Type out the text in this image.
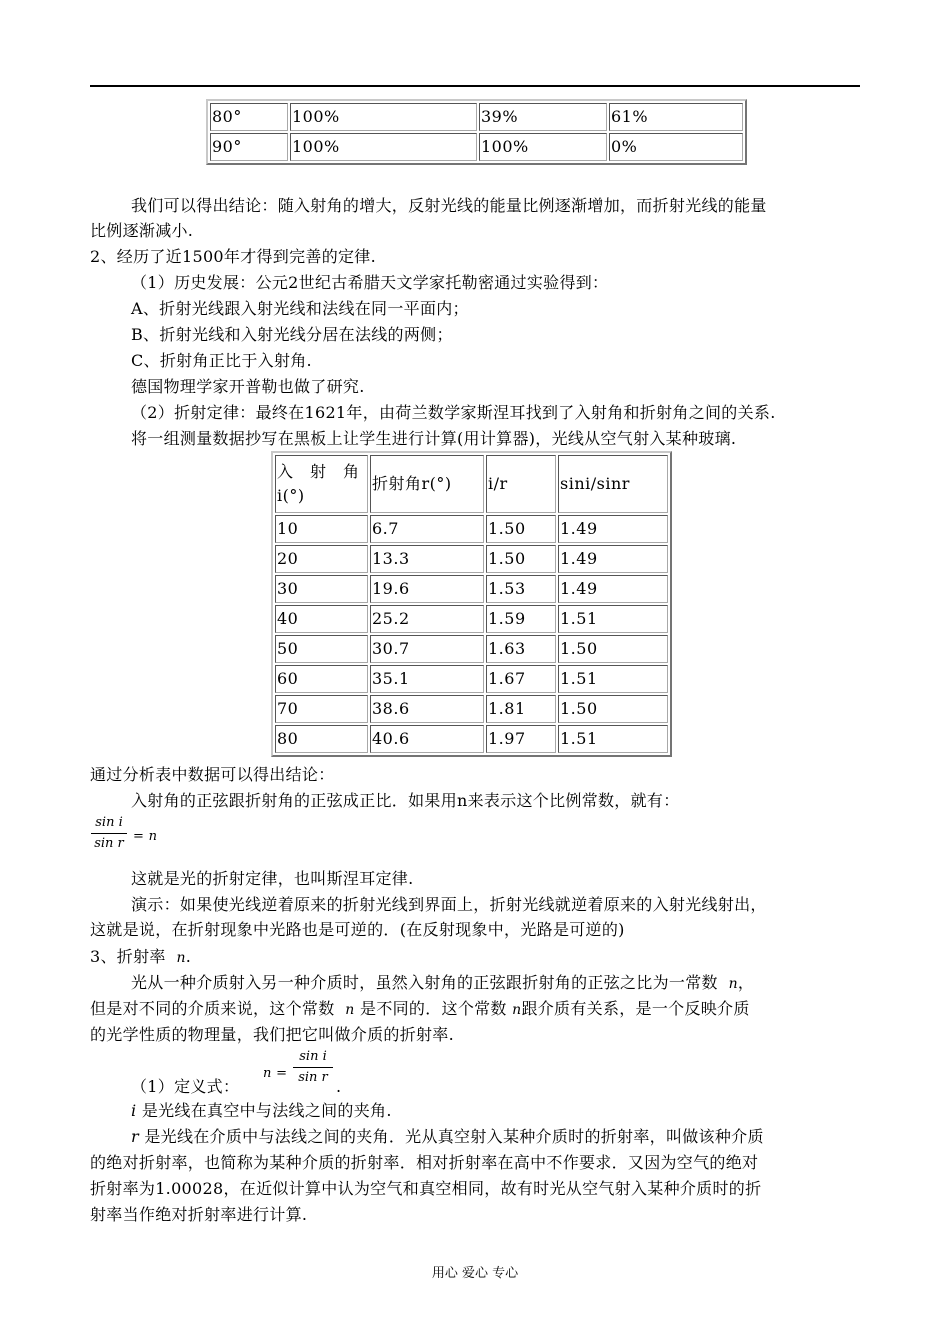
80°	100%	39%	61%
90°	100%	100%	0%
我们可以得出结论：随入射角的增大，反射光线的能量比例逐渐增加，而折射光线的能量
比例逐渐减小.
2、经历了近1500年才得到完善的定律.
（1）历史发展：公元2世纪古希腊天文学家托勒密通过实验得到：
A、折射光线跟入射光线和法线在同一平面内；
B、折射光线和入射光线分居在法线的两侧；
C、折射角正比于入射角.
德国物理学家开普勒也做了研究.
（2）折射定律：最终在1621年，由荷兰数学家斯涅耳找到了入射角和折射角之间的关系.
将一组测量数据抄写在黑板上让学生进行计算(用计算器)，光线从空气射入某种玻璃.
入　射　角i(°)	折射角r(°)	i/r	sini/sinr
10	6.7	1.50	1.49
20	13.3	1.50	1.49
30	19.6	1.53	1.49
40	25.2	1.59	1.51
50	30.7	1.63	1.50
60	35.1	1.67	1.51
70	38.6	1.81	1.50
80	40.6	1.97	1.51
通过分析表中数据可以得出结论：
入射角的正弦跟折射角的正弦成正比．如果用n来表示这个比例常数，就有：
sin i
sin r = n
这就是光的折射定律，也叫斯涅耳定律.
演示：如果使光线逆着原来的折射光线到界面上，折射光线就逆着原来的入射光线射出，
这就是说，在折射现象中光路也是可逆的．(在反射现象中，光路是可逆的)
3、折射率 n.
光从一种介质射入另一种介质时，虽然入射角的正弦跟折射角的正弦之比为一常数 n，
但是对不同的介质来说，这个常数 n 是不同的．这个常数 n跟介质有关系，是一个反映介质
的光学性质的物理量，我们把它叫做介质的折射率.
（1）定义式：
n =
sin i
sin r .
i 是光线在真空中与法线之间的夹角.
r 是光线在介质中与法线之间的夹角．光从真空射入某种介质时的折射率，叫做该种介质
的绝对折射率，也简称为某种介质的折射率．相对折射率在高中不作要求．又因为空气的绝对
折射率为1.00028，在近似计算中认为空气和真空相同，故有时光从空气射入某种介质时的折
射率当作绝对折射率进行计算.
用心 爱心 专心
